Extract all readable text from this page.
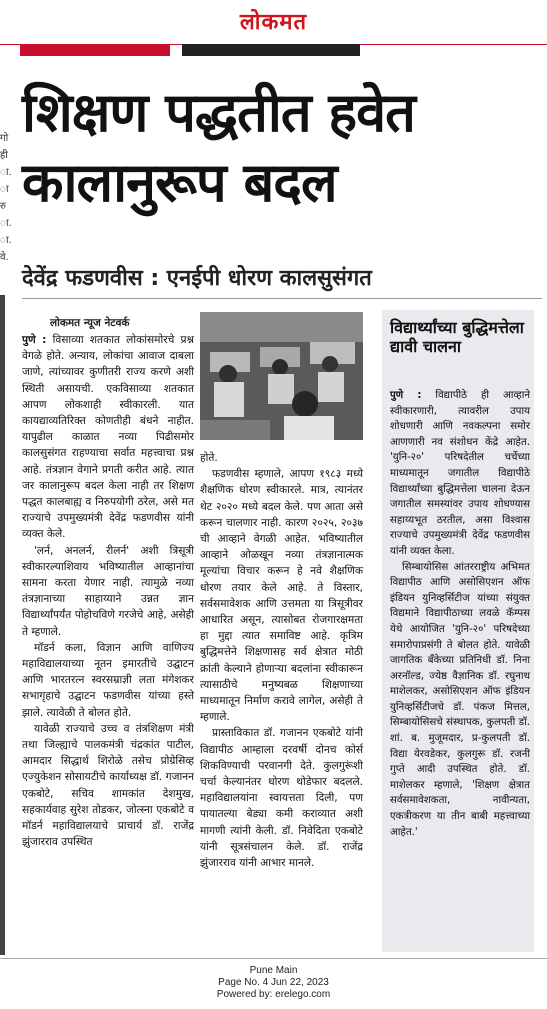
लोकमत
गो
ही
ा.
ा
रु
ा.
ा.
वे.
शिक्षण पद्धतीत हवेत
कालानुरूप बदल
देवेंद्र फडणवीस : एनईपी धोरण कालसुसंगत
लोकमत न्यूज नेटवर्क

पुणे : विसाव्या शतकात लोकांसमोरचे प्रश्न वेगळे होते. अन्याय, लोकांचा आवाज दाबला जाणे, त्यांच्यावर कुणीतरी राज्य करणे अशी स्थिती असायची. एकविसाव्या शतकात आपण लोकशाही स्वीकारली. यात कायद्याव्यतिरिक्त कोणतीही बंधने नाहीत. यापुढील काळात नव्या पिढीसमोर कालसुसंगत राहण्याचा सर्वात महत्त्वाचा प्रश्न आहे. तंत्रज्ञान वेगाने प्रगती करीत आहे. त्यात जर कालानुरूप बदल केला नाही तर शिक्षण पद्धत कालबाह्य व निरुपयोगी ठरेल, असे मत राज्याचे उपमुख्यमंत्री देवेंद्र फडणवीस यांनी व्यक्त केले.

'लर्न, अनलर्न, रीलर्न' अशी त्रिसूत्री स्वीकारल्याशिवाय भविष्यातील आव्हानांचा सामना करता येणार नाही. त्यामुळे नव्या तंत्रज्ञानाच्या साहाय्याने उन्नत ज्ञान विद्यार्थ्यांपर्यंत पोहोचविणे गरजेचे आहे, असेही ते म्हणाले.

मॉडर्न कला, विज्ञान आणि वाणिज्य महाविद्यालयाच्या नूतन इमारतीचे उद्घाटन आणि भारतरत्न स्वरसम्राज्ञी लता मंगेशकर सभागृहाचे उद्घाटन फडणवीस यांच्या हस्ते झाले. त्यावेळी ते बोलत होते.

यावेळी राज्याचे उच्च व तंत्रशिक्षण मंत्री तथा जिल्ह्याचे पालकमंत्री चंद्रकांत पाटील, आमदार सिद्धार्थ शिरोळे तसेच प्रोग्रेसिव्ह एज्युकेशन सोसायटीचे कार्याध्यक्ष डॉ. गजानन एकबोटे, सचिव शामकांत देशमुख, सहकार्यवाह सुरेश तोडकर, जोत्स्ना एकबोटे व मॉडर्न महाविद्यालयाचे प्राचार्य डॉ. राजेंद्र झुंजारराव उपस्थित

होते.

फडणवीस म्हणाले, आपण १९८३ मध्ये शैक्षणिक धोरण स्वीकारले. मात्र, त्यानंतर थेट २०२० मध्ये बदल केले. पण आता असे करून चालणार नाही. कारण २०२५, २०३७ ची आव्हाने वेगळी आहेत. भविष्यातील आव्हाने ओळखून नव्या तंत्रज्ञानात्मक मूल्यांचा विचार करून हे नवे शैक्षणिक धोरण तयार केले आहे. ते विस्तार, सर्वसमावेशक आणि उत्तमता या त्रिसूत्रीवर आधारित असून, त्यासोबत रोजगारक्षमता हा मुद्दा त्यात समाविष्ट आहे. कृत्रिम बुद्धिमत्तेने शिक्षणासह सर्व क्षेत्रात मोठी क्रांती केल्याने होणाऱ्या बदलांना स्वीकारून त्यासाठीचे मनुष्यबळ शिक्षणाच्या माध्यमातून निर्माण करावे लागेल, असेही ते म्हणाले.

प्रास्ताविकात डॉ. गजानन एकबोटे यांनी विद्यापीठ आम्हाला दरवर्षी दोनच कोर्स शिकविण्याची परवानगी देते. कुलगुरूंशी चर्चा केल्यानंतर धोरण थोडेफार बदलले. महाविद्यालयांना स्वायत्तता दिली, पण पायातल्या बेड्या कमी कराव्यात अशी मागणी त्यांनी केली. डॉ. निवेदिता एकबोटे यांनी सूत्रसंचालन केले. डॉ. राजेंद्र झुंजारराव यांनी आभार मानले.

विद्यार्थ्यांच्या बुद्धिमत्तेला द्यावी चालना

पुणे : विद्यापीठे ही आव्हाने स्वीकारणारी, त्यावरील उपाय शोधणारी आणि नवकल्पना समोर आणणारी नव संशोधन केंद्रे आहेत. 'युनि-२०' परिषदेतील चर्चेच्या माध्यमातून जगातील विद्यापीठे विद्यार्थ्यांच्या बुद्धिमत्तेला चालना देऊन जगातील समस्यांवर उपाय शोधण्यास सहाय्यभूत ठरतील, असा विश्वास राज्याचे उपमुख्यमंत्री देवेंद्र फडणवीस यांनी व्यक्त केला.

सिम्बायोसिस आंतरराष्ट्रीय अभिमत विद्यापीठ आणि असोसिएशन ऑफ इंडियन युनिव्हर्सिटीज यांच्या संयुक्त विद्यमाने विद्यापीठाच्या लवळे कॅम्पस येथे आयोजित 'युनि-२०' परिषदेच्या समारोपाप्रसंगी ते बोलत होते. यावेळी जागतिक बँकेच्या प्रतिनिधी डॉ. निना अरनॉल्ड, ज्येष्ठ वैज्ञानिक डॉ. रघुनाथ माशेलकर, असोसिएशन ऑफ इंडियन युनिव्हर्सिटीजचे डॉ. पंकज मित्तल, सिम्बायोसिसचे संस्थापक, कुलपती डॉ. शां. ब. मुजूमदार, प्र-कुलपती डॉ. विद्या येरवडेकर, कुलगुरू डॉ. रजनी गुप्ते आदी उपस्थित होते. डॉ. माशेलकर म्हणाले, 'शिक्षण क्षेत्रात सर्वसमावेशकता, नावीन्यता, एकत्रीकरण या तीन बाबी महत्त्वाच्या आहेत.'

Pune Main
Page No. 4 Jun 22, 2023
Powered by: erelego.com
